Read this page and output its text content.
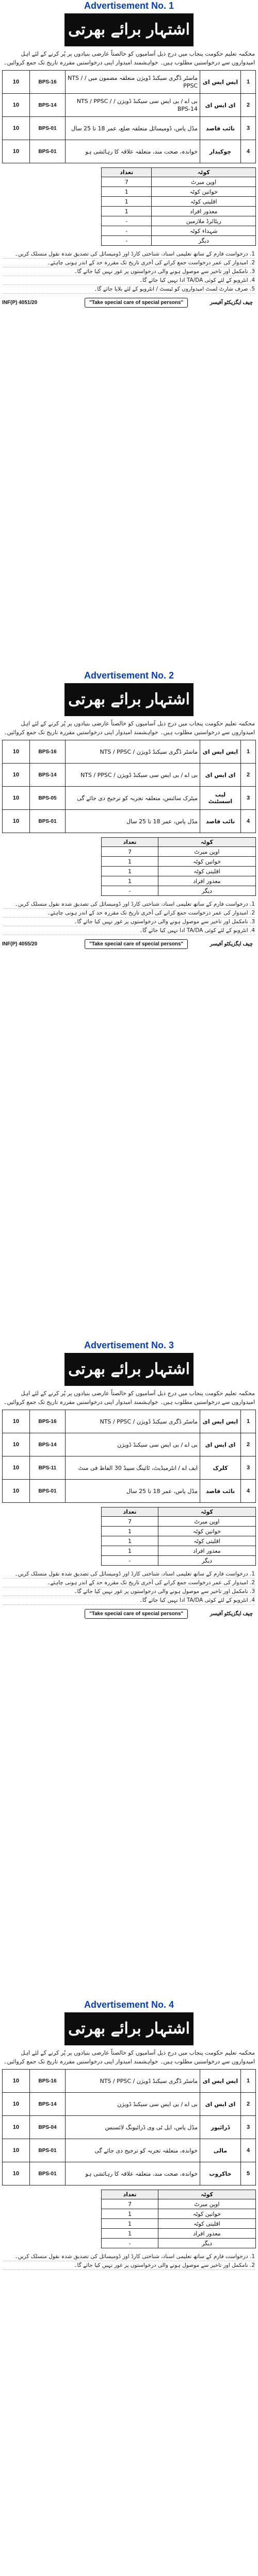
Advertisement No. 1
اشتہار برائے بھرتی
محکمہ تعلیم حکومت پنجاب میں درج ذیل آسامیوں کو خالصتاً عارضی بنیادوں پر پُر کرنے کے لئے اہل امیدواروں سے درخواستیں مطلوب ہیں۔ خواہشمند امیدوار اپنی درخواستیں مقررہ تاریخ تک جمع کروائیں۔
1	ایس ایس ای	ماسٹر ڈگری سیکنڈ ڈویژن متعلقہ مضمون میں / NTS / PPSC	BPS-16	10
2	ای ایس ای	بی اے / بی ایس سی سیکنڈ ڈویژن / NTS / PPSC / BPS-14	BPS-14	10
3	نائب قاصد	مڈل پاس، ڈومیسائل متعلقہ ضلع، عمر 18 تا 25 سال	BPS-01	10
4	چوکیدار	خواندہ، صحت مند، متعلقہ علاقہ کا رہائشی ہو	BPS-01	10
کوٹہ	تعداد
اوپن میرٹ	7
خواتین کوٹہ	1
اقلیتی کوٹہ	1
معذور افراد	1
ریٹائرڈ ملازمین	-
شہداء کوٹہ	-
دیگر	-
1. درخواست فارم کے ساتھ تعلیمی اسناد، شناختی کارڈ اور ڈومیسائل کی تصدیق شدہ نقول منسلک کریں۔
2. امیدوار کی عمر درخواست جمع کرانے کی آخری تاریخ تک مقررہ حد کے اندر ہونی چاہئے۔
3. نامکمل اور تاخیر سے موصول ہونے والی درخواستوں پر غور نہیں کیا جائے گا۔
4. انٹرویو کے لئے کوئی TA/DA ادا نہیں کیا جائے گا۔
5. صرف شارٹ لسٹ امیدواروں کو ٹیسٹ / انٹرویو کے لئے بلایا جائے گا۔
INF(P) 4051/20	"Take special care of special persons"	چیف ایگزیکٹو آفیسر
Advertisement No. 2
اشتہار برائے بھرتی
محکمہ تعلیم حکومت پنجاب میں درج ذیل آسامیوں کو خالصتاً عارضی بنیادوں پر پُر کرنے کے لئے اہل امیدواروں سے درخواستیں مطلوب ہیں۔ خواہشمند امیدوار اپنی درخواستیں مقررہ تاریخ تک جمع کروائیں۔
1	ایس ایس ای	ماسٹر ڈگری سیکنڈ ڈویژن / NTS / PPSC	BPS-16	10
2	ای ایس ای	بی اے / بی ایس سی سیکنڈ ڈویژن / NTS / PPSC	BPS-14	10
3	لیب اسسٹنٹ	میٹرک سائنس، متعلقہ تجربہ کو ترجیح دی جائے گی	BPS-05	10
4	نائب قاصد	مڈل پاس، عمر 18 تا 25 سال	BPS-01	10
کوٹہ	تعداد
اوپن میرٹ	7
خواتین کوٹہ	1
اقلیتی کوٹہ	1
معذور افراد	1
دیگر	-
1. درخواست فارم کے ساتھ تعلیمی اسناد، شناختی کارڈ اور ڈومیسائل کی تصدیق شدہ نقول منسلک کریں۔
2. امیدوار کی عمر درخواست جمع کرانے کی آخری تاریخ تک مقررہ حد کے اندر ہونی چاہئے۔
3. نامکمل اور تاخیر سے موصول ہونے والی درخواستوں پر غور نہیں کیا جائے گا۔
4. انٹرویو کے لئے کوئی TA/DA ادا نہیں کیا جائے گا۔
INF(P) 4055/20	"Take special care of special persons"	چیف ایگزیکٹو آفیسر
Advertisement No. 3
اشتہار برائے بھرتی
محکمہ تعلیم حکومت پنجاب میں درج ذیل آسامیوں کو خالصتاً عارضی بنیادوں پر پُر کرنے کے لئے اہل امیدواروں سے درخواستیں مطلوب ہیں۔ خواہشمند امیدوار اپنی درخواستیں مقررہ تاریخ تک جمع کروائیں۔
1	ایس ایس ای	ماسٹر ڈگری سیکنڈ ڈویژن / NTS / PPSC	BPS-16	10
2	ای ایس ای	بی اے / بی ایس سی سیکنڈ ڈویژن	BPS-14	10
3	کلرک	ایف اے / انٹرمیڈیٹ، ٹائپنگ سپیڈ 30 الفاظ فی منٹ	BPS-11	10
4	نائب قاصد	مڈل پاس، عمر 18 تا 25 سال	BPS-01	10
کوٹہ	تعداد
اوپن میرٹ	7
خواتین کوٹہ	1
اقلیتی کوٹہ	1
معذور افراد	1
دیگر	-
1. درخواست فارم کے ساتھ تعلیمی اسناد، شناختی کارڈ اور ڈومیسائل کی تصدیق شدہ نقول منسلک کریں۔
2. امیدوار کی عمر درخواست جمع کرانے کی آخری تاریخ تک مقررہ حد کے اندر ہونی چاہئے۔
3. نامکمل اور تاخیر سے موصول ہونے والی درخواستوں پر غور نہیں کیا جائے گا۔
4. انٹرویو کے لئے کوئی TA/DA ادا نہیں کیا جائے گا۔
"Take special care of special persons"	چیف ایگزیکٹو آفیسر
Advertisement No. 4
اشتہار برائے بھرتی
محکمہ تعلیم حکومت پنجاب میں درج ذیل آسامیوں کو خالصتاً عارضی بنیادوں پر پُر کرنے کے لئے اہل امیدواروں سے درخواستیں مطلوب ہیں۔ خواہشمند امیدوار اپنی درخواستیں مقررہ تاریخ تک جمع کروائیں۔
1	ایس ایس ای	ماسٹر ڈگری سیکنڈ ڈویژن / NTS / PPSC	BPS-16	10
2	ای ایس ای	بی اے / بی ایس سی سیکنڈ ڈویژن	BPS-14	10
3	ڈرائیور	مڈل پاس، ایل ٹی وی ڈرائیونگ لائسنس	BPS-04	10
4	مالی	خواندہ، متعلقہ تجربہ کو ترجیح دی جائے گی	BPS-01	10
5	خاکروب	خواندہ، صحت مند، متعلقہ علاقہ کا رہائشی ہو	BPS-01	10
کوٹہ	تعداد
اوپن میرٹ	7
خواتین کوٹہ	1
اقلیتی کوٹہ	1
معذور افراد	1
دیگر	-
1. درخواست فارم کے ساتھ تعلیمی اسناد، شناختی کارڈ اور ڈومیسائل کی تصدیق شدہ نقول منسلک کریں۔
2. نامکمل اور تاخیر سے موصول ہونے والی درخواستوں پر غور نہیں کیا جائے گا۔
